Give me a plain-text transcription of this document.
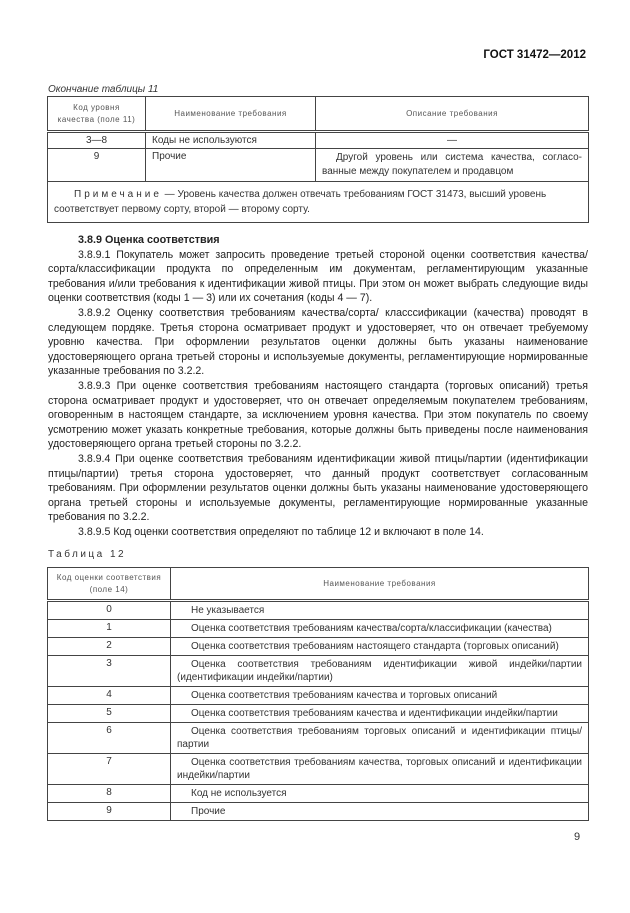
ГОСТ 31472—2012
Окончание таблицы 11
Код уровня качества (поле 11)	Наименование требования	Описание требования
3—8	Коды не используются	—
9	Прочие	Другой уровень или система качества, согласо-ванные между покупателем и продавцом
Примечание — Уровень качества должен отвечать требованиям ГОСТ 31473, высший уровень соответствует первому сорту, второй — второму сорту.		
3.8.9 Оценка соответствия

3.8.9.1 Покупатель может запросить проведение третьей стороной оценки соответствия качества/сорта/классификации продукта по определенным им документам, регламентирующим указанные требования и/или требования к идентификации живой птицы. При этом он может выбрать следующие виды оценки соответствия (коды 1 — 3) или их сочетания (коды 4 — 7).

3.8.9.2 Оценку соответствия требованиям качества/сорта/ класссификации (качества) проводят в следующем пордяке. Третья сторона осматривает продукт и удостоверяет, что он отвечает требуемому уровню качества. При оформлении результатов оценки должны быть указаны наименование удостоверяющего органа третьей стороны и используемые документы, регламентирующие нормированные указанные требования по 3.2.2.

3.8.9.3 При оценке соответствия требованиям настоящего стандарта (торговых описаний) третья сторона осматривает продукт и удостоверяет, что он отвечает определяемым покупателем требованиям, оговоренным в настоящем стандарте, за исключением уровня качества. При этом покупатель по своему усмотрению может указать конкретные требования, которые должны быть приведены после наименования удостоверяющего органа третьей стороны по 3.2.2.

3.8.9.4 При оценке соответствия требованиям идентификации живой птицы/партии (идентификации птицы/партии) третья сторона удостоверяет, что данный продукт соответствует согласованным требованиям. При оформлении результатов оценки должны быть указаны наименование удостоверяющего органа третьей стороны и используемые документы, регламентирующие нормированные указанные требования по 3.2.2.

3.8.9.5 Код оценки соответствия определяют по таблице 12 и включают в поле 14.

Таблица 12
Код оценки соответствия (поле 14)	Наименование требования
0	Не указывается
1	Оценка соответствия требованиям качества/сорта/классификации (качества)
2	Оценка соответствия требованиям настоящего стандарта (торговых описаний)
3	Оценка соответствия требованиям идентификации живой индейки/партии (идентификации индейки/партии)
4	Оценка соответствия требованиям качества и торговых описаний
5	Оценка соответствия требованиям качества и идентификации индейки/партии
6	Оценка соответствия требованиям торговых описаний и идентификации птицы/партии
7	Оценка соответствия требованиям качества, торговых описаний и идентификации индейки/партии
8	Код не используется
9	Прочие
9
